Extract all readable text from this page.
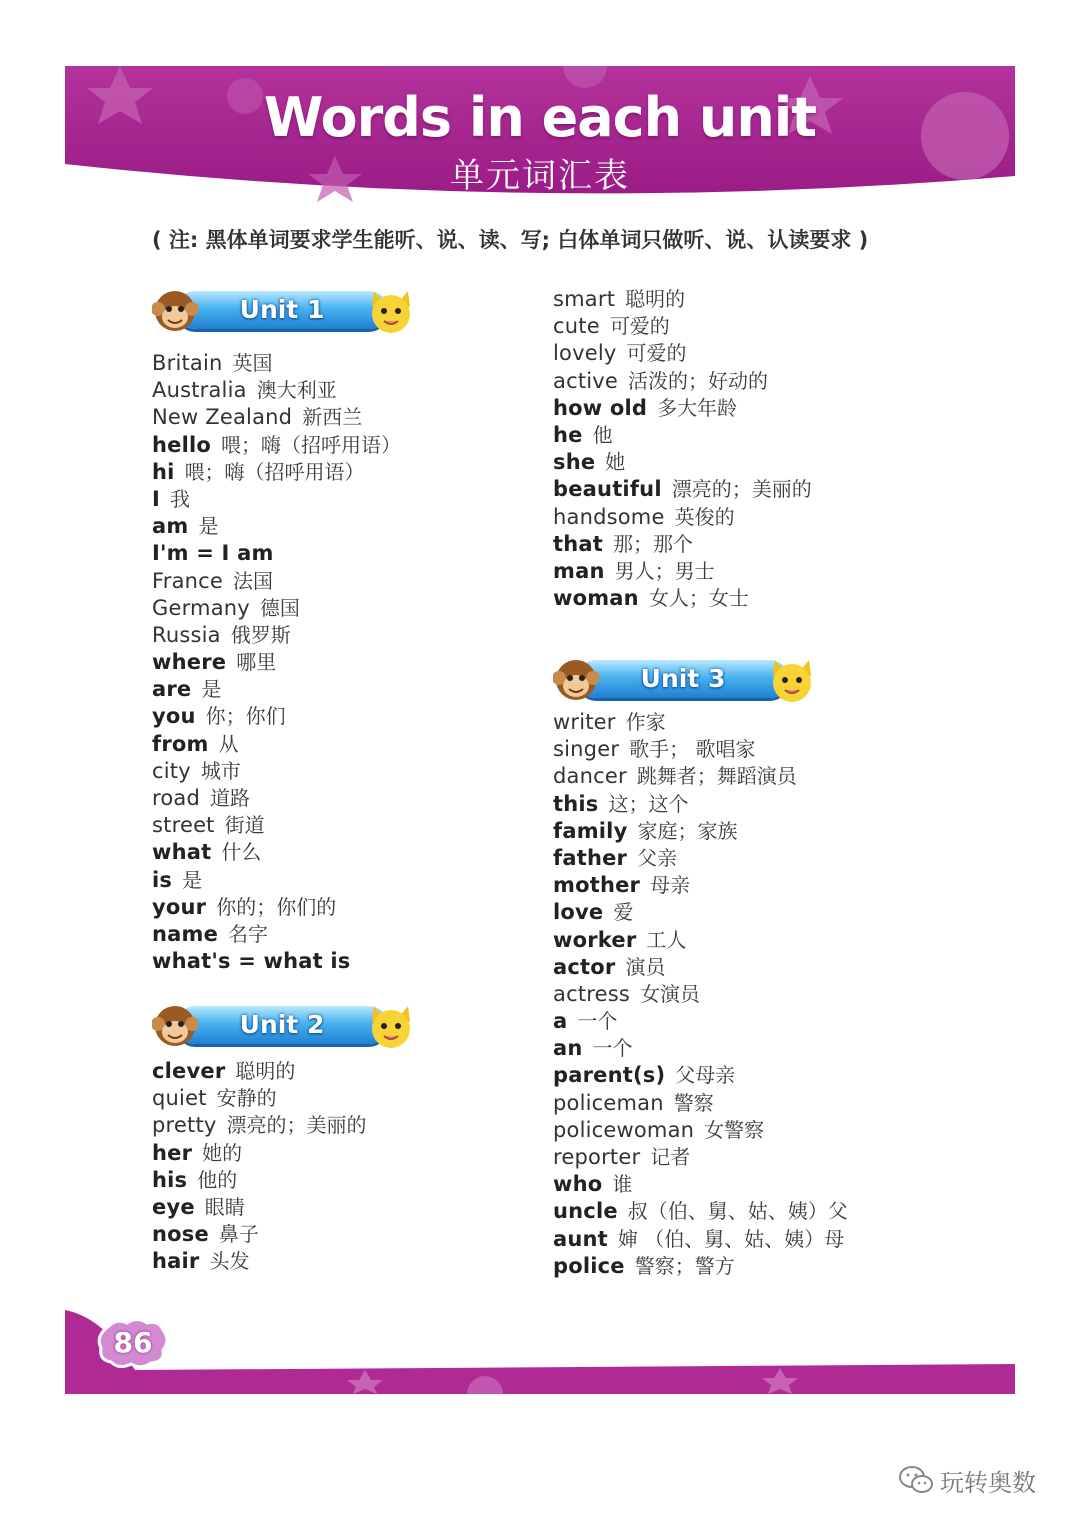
Words in each unit
单元词汇表
( 注: 黑体单词要求学生能听、说、读、写; 白体单词只做听、说、认读要求 )
Unit 1
Britain 英国
Australia 澳大利亚
New Zealand 新西兰
hello 喂；嗨（招呼用语）
hi 喂；嗨（招呼用语）
I 我
am 是
I'm = I am
France 法国
Germany 德国
Russia 俄罗斯
where 哪里
are 是
you 你；你们
from 从
city 城市
road 道路
street 街道
what 什么
is 是
your 你的；你们的
name 名字
what's = what is
Unit 2
clever 聪明的
quiet 安静的
pretty 漂亮的；美丽的
her 她的
his 他的
eye 眼睛
nose 鼻子
hair 头发
smart 聪明的
cute 可爱的
lovely 可爱的
active 活泼的；好动的
how old 多大年龄
he 他
she 她
beautiful 漂亮的；美丽的
handsome 英俊的
that 那；那个
man 男人；男士
woman 女人；女士
Unit 3
writer 作家
singer 歌手； 歌唱家
dancer 跳舞者；舞蹈演员
this 这；这个
family 家庭；家族
father 父亲
mother 母亲
love 爱
worker 工人
actor 演员
actress 女演员
a 一个
an 一个
parent(s) 父母亲
policeman 警察
policewoman 女警察
reporter 记者
who 谁
uncle 叔（伯、舅、姑、姨）父
aunt 婶 （伯、舅、姑、姨）母
police 警察；警方
86
玩转奥数
